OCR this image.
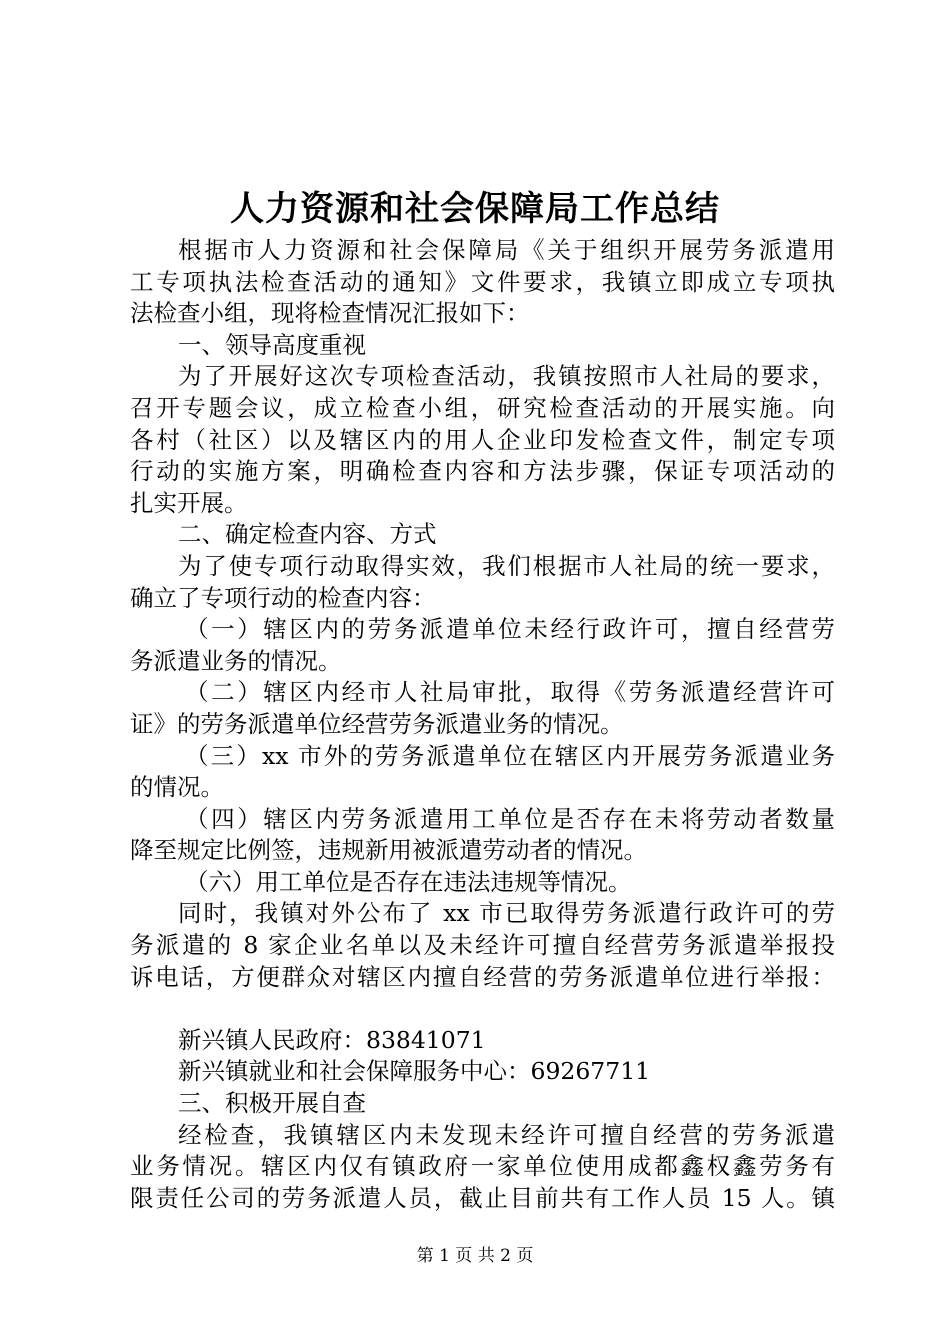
人力资源和社会保障局工作总结
根据市人力资源和社会保障局《关于组织开展劳务派遣用
工专项执法检查活动的通知》文件要求，我镇立即成立专项执
法检查小组，现将检查情况汇报如下：
一、领导高度重视
为了开展好这次专项检查活动，我镇按照市人社局的要求，
召开专题会议，成立检查小组，研究检查活动的开展实施。向
各村（社区）以及辖区内的用人企业印发检查文件，制定专项
行动的实施方案，明确检查内容和方法步骤，保证专项活动的
扎实开展。
二、确定检查内容、方式
为了使专项行动取得实效，我们根据市人社局的统一要求，
确立了专项行动的检查内容：
（一）辖区内的劳务派遣单位未经行政许可，擅自经营劳
务派遣业务的情况。
（二）辖区内经市人社局审批，取得《劳务派遣经营许可
证》的劳务派遣单位经营劳务派遣业务的情况。
（三）xx 市外的劳务派遣单位在辖区内开展劳务派遣业务
的情况。
（四）辖区内劳务派遣用工单位是否存在未将劳动者数量
降至规定比例签，违规新用被派遣劳动者的情况。
（六）用工单位是否存在违法违规等情况。
同时，我镇对外公布了 xx 市已取得劳务派遣行政许可的劳
务派遣的 8 家企业名单以及未经许可擅自经营劳务派遣举报投
诉电话，方便群众对辖区内擅自经营的劳务派遣单位进行举报：
新兴镇人民政府：83841071
新兴镇就业和社会保障服务中心：69267711
三、积极开展自查
经检查，我镇辖区内未发现未经许可擅自经营的劳务派遣
业务情况。辖区内仅有镇政府一家单位使用成都鑫权鑫劳务有
限责任公司的劳务派遣人员，截止目前共有工作人员 15 人。镇
第 1 页 共 2 页
